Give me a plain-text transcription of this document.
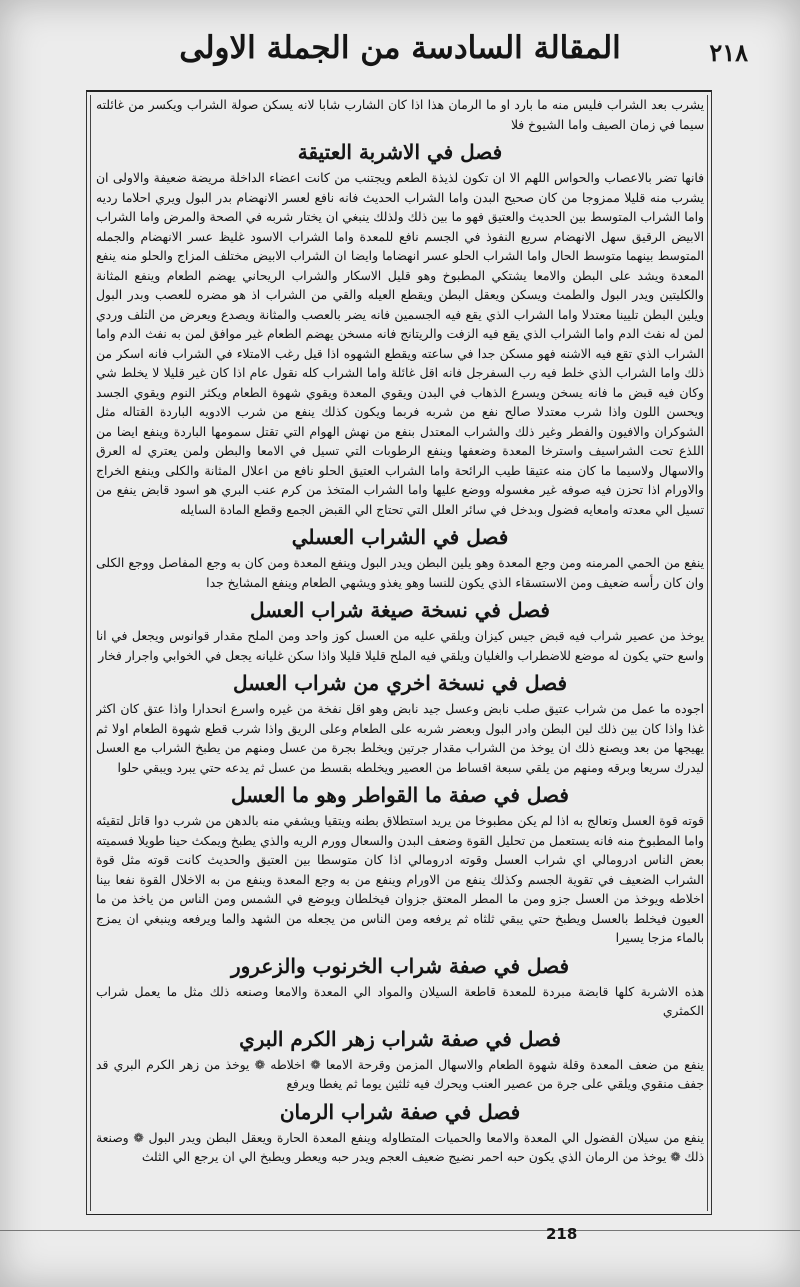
٢١٨
المقالة السادسة من الجملة الاولى

يشرب بعد الشراب فليس منه ما بارد او ما الرمان هذا اذا كان الشارب شابا لانه يسكن صولة الشراب ويكسر من غائلته سيما في زمان الصيف واما الشيوخ فلا

فصل في الاشربة العتيقة

فانها تضر بالاعصاب والحواس اللهم الا ان تكون لذيذة الطعم ويجتنب من كانت اعضاء الداخلة مريضة ضعيفة والاولى ان يشرب منه قليلا ممزوجا من كان صحيح البدن واما الشراب الحديث فانه نافع لعسر الانهضام بدر البول ويري احلاما رديه واما الشراب المتوسط بين الحديث والعتيق فهو ما بين ذلك ولذلك ينبغي ان يختار شربه في الصحة والمرض واما الشراب الابيض الرقيق سهل الانهضام سريع النفوذ في الجسم نافع للمعدة واما الشراب الاسود غليظ عسر الانهضام والجمله المتوسط بينهما متوسط الحال واما الشراب الحلو عسر انهضاما وايضا ان الشراب الابيض مختلف المزاج والحلو منه ينفع المعدة ويشد على البطن والامعا يشتكي المطبوخ وهو قليل الاسكار والشراب الريحاني يهضم الطعام وينفع المثانة والكليتين ويدر البول والطمث ويسكن ويعقل البطن ويقطع العيله والقي من الشراب اذ هو مضره للعصب وبدر البول ويلين البطن تليينا معتدلا واما الشراب الذي يقع فيه الجسمين فانه يضر بالعصب والمثانة ويصدع ويعرض من التلف وردي لمن له نفث الدم واما الشراب الذي يقع فيه الزفت والريتانج فانه مسخن يهضم الطعام غير موافق لمن به نفث الدم واما الشراب الذي تقع فيه الاشنه فهو مسكن جدا في ساعته ويقطع الشهوه اذا قيل رغب الامتلاء في الشراب فانه اسكر من ذلك واما الشراب الذي خلط فيه رب السفرجل فانه اقل غائلة واما الشراب كله نقول عام اذا كان غير قليلا لا يخلط شي وكان فيه قبض ما فانه يسخن ويسرع الذهاب في البدن ويقوي المعدة ويقوي شهوة الطعام ويكثر النوم ويقوي الجسد ويحسن اللون واذا شرب معتدلا صالح نفع من شربه فربما ويكون كذلك ينفع من شرب الادويه الباردة القتاله مثل الشوكران والافيون والفطر وغير ذلك والشراب المعتدل بنفع من نهش الهوام التي تقتل سمومها الباردة وينفع ايضا من اللذع تحت الشراسيف واسترخا المعدة وضعفها وينفع الرطوبات التي تسيل في الامعا والبطن ولمن يعتري له العرق والاسهال ولاسيما ما كان منه عتيقا طيب الرائحة واما الشراب العتيق الحلو نافع من اعلال المثانة والكلى وينفع الخراج والاورام اذا تحزن فيه صوفه غير مغسوله ووضع عليها واما الشراب المتخذ من كرم عنب البري هو اسود قابض ينفع من تسيل الي معدته وامعايه فضول وبدخل في سائر العلل التي تحتاج الي القبض الجمع وقطع المادة السايله

فصل في الشراب العسلي

ينفع من الحمي المرمنه ومن وجع المعدة وهو يلين البطن ويدر البول وينفع المعدة ومن كان به وجع المفاصل ووجع الكلى وان كان رأسه ضعيف ومن الاستسقاء الذي يكون للنسا وهو يغذو ويشهي الطعام وينفع المشايخ جدا

فصل في نسخة صيغة شراب العسل

يوخذ من عصير شراب فيه قبض جيس كيزان ويلقي عليه من العسل كوز واحد ومن الملح مقدار قوانوس ويجعل في انا واسع حتي يكون له موضع للاضطراب والغليان ويلقي فيه الملح قليلا قليلا واذا سكن غليانه يجعل في الخوابي واجرار فخار

فصل في نسخة اخري من شراب العسل

اجوده ما عمل من شراب عتيق صلب نابض وعسل جيد نابض وهو اقل نفخة من غيره واسرع انحدارا واذا عتق كان اكثر غذا واذا كان بين ذلك لين البطن وادر البول وبعضر شربه على الطعام وعلى الريق واذا شرب قطع شهوة الطعام اولا ثم يهيجها من بعد ويصنع ذلك ان يوخذ من الشراب مقدار جرتين ويخلط بجرة من عسل ومنهم من يطبخ الشراب مع العسل ليدرك سريعا وبرقه ومنهم من يلقي سبعة اقساط من العصير ويخلطه بقسط من عسل ثم يدعه حتي يبرد ويبقي حلوا

فصل في صفة ما القواطر وهو ما العسل

قوته قوة العسل وتعالج به اذا لم يكن مطبوخا من يريد استطلاق بطنه ويتقيا ويشفي منه بالدهن من شرب دوا قاتل لتقيئه واما المطبوخ منه فانه يستعمل من تحليل القوة وضعف البدن والسعال وورم الريه والذي يطبخ ويمكث حينا طويلا فسميته بعض الناس ادرومالي اي شراب العسل وقوته ادرومالي اذا كان متوسطا بين العتيق والحديث كانت قوته مثل قوة الشراب الضعيف في تقوية الجسم وكذلك ينفع من الاورام وينفع من به وجع المعدة وينفع من به الاخلال القوة نفعا بينا اخلاطه ويوخذ من العسل جزو ومن ما المطر المعتق جزوان فيخلطان ويوضع في الشمس ومن الناس من ياخذ من ما العيون فيخلط بالعسل ويطبخ حتي يبقي ثلثاه ثم يرفعه ومن الناس من يجعله من الشهد والما ويرفعه وينبغي ان يمزج بالماء مزجا يسيرا

فصل في صفة شراب الخرنوب والزعرور

هذه الاشربة كلها قابضة مبردة للمعدة قاطعة السيلان والمواد الي المعدة والامعا وصنعه ذلك مثل ما يعمل شراب الكمثري

فصل في صفة شراب زهر الكرم البري

ينفع من ضعف المعدة وقلة شهوة الطعام والاسهال المزمن وقرحة الامعا ❁ اخلاطه ❁ يوخذ من زهر الكرم البري قد جفف منقوي ويلقي على جرة من عصير العنب ويحرك فيه ثلثين يوما ثم يغطا ويرفع

فصل في صفة شراب الرمان

ينفع من سيلان الفضول الي المعدة والامعا والحميات المتطاوله وينفع المعدة الحارة ويعقل البطن ويدر البول ❁ وصنعة ذلك ❁ يوخذ من الرمان الذي يكون حبه احمر نضيج ضعيف العجم ويدر حبه ويعطر ويطبخ الي ان يرجع الي الثلث

218
